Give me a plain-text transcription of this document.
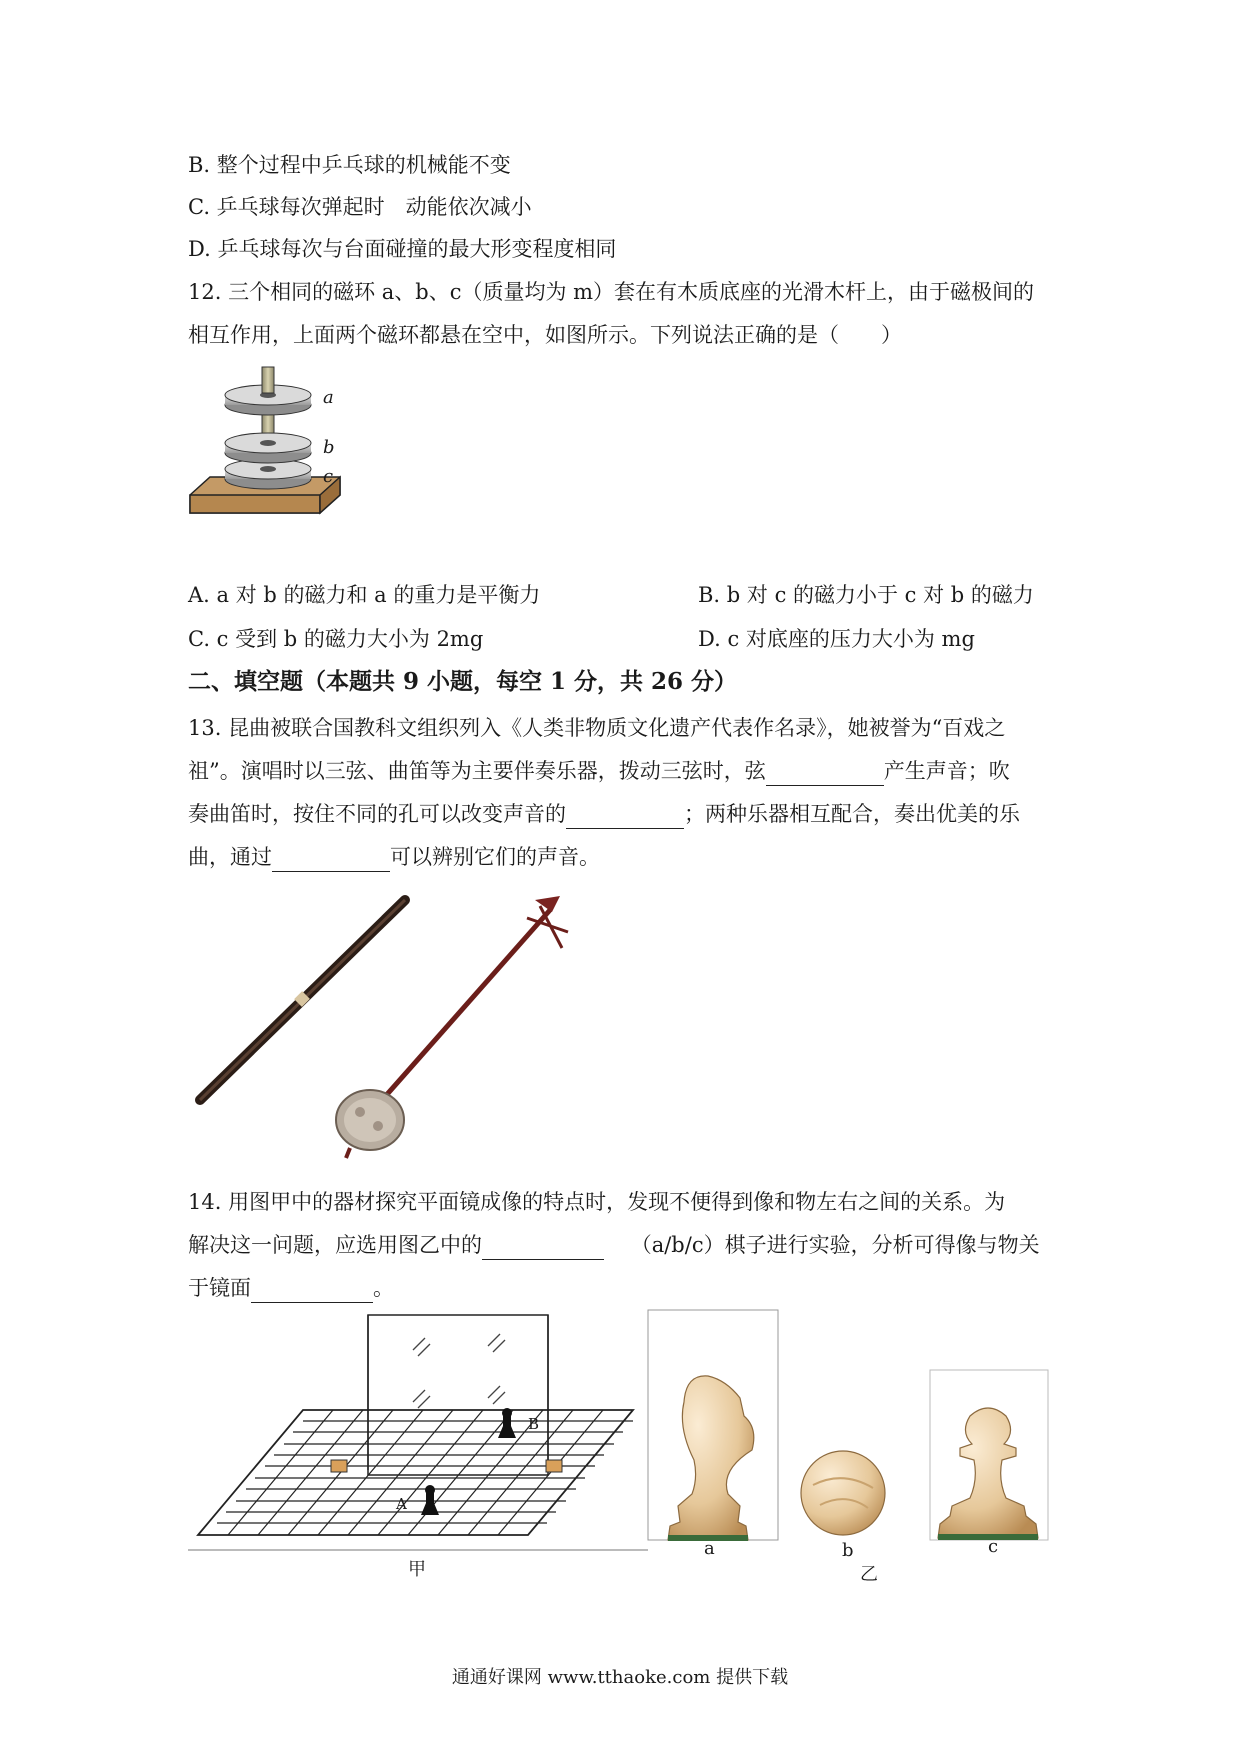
B. 整个过程中乒乓球的机械能不变
C. 乒乓球每次弹起时　动能依次减小
D. 乒乓球每次与台面碰撞的最大形变程度相同
12. 三个相同的磁环 a、b、c（质量均为 m）套在有木质底座的光滑木杆上，由于磁极间的
相互作用，上面两个磁环都悬在空中，如图所示。下列说法正确的是（　　）
a
b
c
A. a 对 b 的磁力和 a 的重力是平衡力	B. b 对 c 的磁力小于 c 对 b 的磁力
C. c 受到 b 的磁力大小为 2mg	D. c 对底座的压力大小为 mg
二、填空题（本题共 9 小题，每空 1 分，共 26 分）
13. 昆曲被联合国教科文组织列入《人类非物质文化遗产代表作名录》，她被誉为“百戏之
祖”。演唱时以三弦、曲笛等为主要伴奏乐器，拨动三弦时，弦	产生声音；吹
奏曲笛时，按住不同的孔可以改变声音的	；两种乐器相互配合，奏出优美的乐
曲，通过	可以辨别它们的声音。
14. 用图甲中的器材探究平面镜成像的特点时，发现不便得到像和物左右之间的关系。为
解决这一问题，应选用图乙中的	（a/b/c）棋子进行实验，分析可得像与物关
于镜面	。
A
B
甲
a	b	c
乙
通通好课网 www.tthaoke.com 提供下载
